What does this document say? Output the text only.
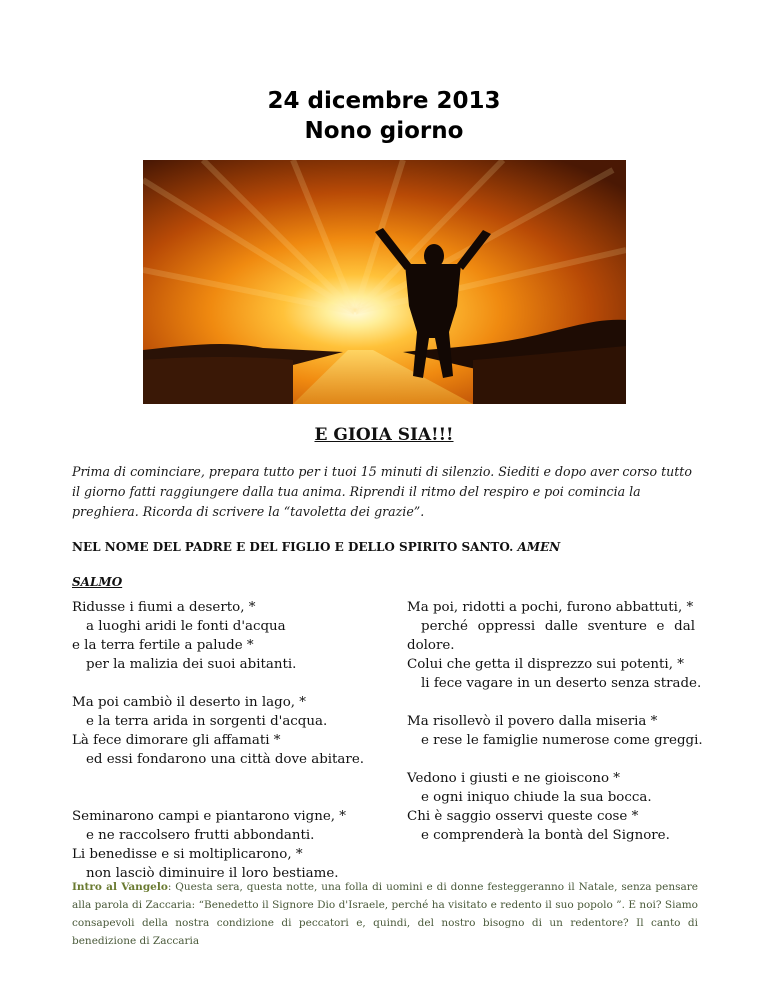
24 dicembre 2013
Nono giorno
E GIOIA SIA!!!
Prima di cominciare, prepara tutto per i tuoi 15 minuti di silenzio. Siediti e dopo aver corso tutto il giorno fatti raggiungere dalla tua anima. Riprendi il ritmo del respiro e poi comincia la preghiera. Ricorda di scrivere la “tavoletta dei grazie”.
NEL NOME DEL PADRE E DEL FIGLIO E DELLO SPIRITO SANTO. AMEN
SALMO
Ridusse i fiumi a deserto, *
a luoghi aridi le fonti d'acqua
e la terra fertile a palude *
per la malizia dei suoi abitanti.
Ma poi cambiò il deserto in lago, *
e la terra arida in sorgenti d'acqua.
Là fece dimorare gli affamati *
ed essi fondarono una città dove abitare.
Seminarono campi e piantarono vigne, *
e ne raccolsero frutti abbondanti.
Li benedisse e si moltiplicarono, *
non lasciò diminuire il loro bestiame.
Ma poi, ridotti a pochi, furono abbattuti, *
perché oppressi dalle sventure e dal
dolore.
Colui che getta il disprezzo sui potenti, *
li fece vagare in un deserto senza strade.
Ma risollevò il povero dalla miseria *
e rese le famiglie numerose come greggi.
Vedono i giusti e ne gioiscono *
e ogni iniquo chiude la sua bocca.
Chi è saggio osservi queste cose *
e comprenderà la bontà del Signore.
Intro al Vangelo: Questa sera, questa notte, una folla di uomini e di donne festeggeranno il Natale, senza pensare alla parola di Zaccaria: “Benedetto il Signore Dio d'Israele, perché ha visitato e redento il suo popolo ”. E noi? Siamo consapevoli della nostra condizione di peccatori e, quindi, del nostro bisogno di un redentore? Il canto di benedizione di Zaccaria
